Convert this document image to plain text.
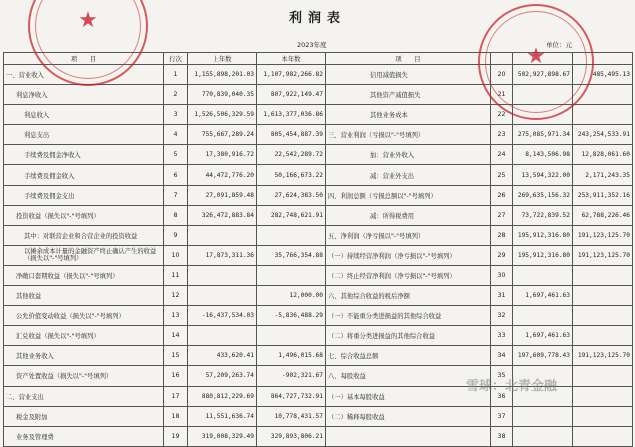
利润表
2023年度	单位：元
项　　目	行次	上年数	本年数	项　　目			
一、营业收入	1	1,155,898,201.03	1,107,982,266.82	信用减值损失	20	502,927,898.67	485,495.13
利息净收入	2	770,839,040.35	807,922,149.47	其他资产减值损失	21		
利息收入	3	1,526,506,329.59	1,613,377,036.86	其他业务成本	22		
利息支出	4	755,667,289.24	805,454,887.39	三、营业利润（亏损以"-"号填列）	23	275,085,971.34	243,254,533.91
手续费及佣金净收入	5	17,380,916.72	22,542,289.72	加：营业外收入	24	8,143,506.98	12,828,061.60
手续费及佣金收入	6	44,472,776.20	50,166,673.22	减：营业外支出	25	13,594,322.00	2,171,243.35
手续费及佣金支出	7	27,091,859.48	27,624,383.50	四、利润总额（亏损总额以"-"号填列）	26	269,635,156.32	253,911,352.16
投资收益（损失以"-"号填列）	8	326,472,883.84	282,748,621.91	减：所得税费用	27	73,722,839.52	62,788,226.46
其中：对联营企业和合营企业的投资收益	9			五、净利润（净亏损以"-"号填列）	28	195,912,316.80	191,123,125.70
以摊余成本计量的金融资产终止确认产生的收益（损失以"-"号填列）	10	17,873,311.36	35,766,354.88	（一）持续经营净利润（净亏损以"-"号填列）	29	195,912,316.80	191,123,125.70
净敞口套期收益（损失以"-"号填列）	11			（二）终止经营净利润（净亏损以"-"号填列）	30		
其他收益	12		12,000.00	六、其他综合收益的税后净额	31	1,697,461.63	
公允价值变动收益（损失以"-"号填列）	13	-16,437,534.03	-5,836,488.29	（一）不能重分类进损益的其他综合收益	32		
汇兑收益（损失以"-"号填列）	14			（二）将重分类进损益的其他综合收益	33	1,697,461.63	
其他业务收入	15	433,620.41	1,496,015.68	七、综合收益总额	34	197,609,778.43	191,123,125.70
资产处置收益（损失以"-"号填列）	16	57,209,263.74	-902,321.67	八、每股收益	35		
二、营业支出	17	880,812,229.69	864,727,732.91	（一）基本每股收益	36		
税金及附加	18	11,551,636.74	10,778,431.57	（二）稀释每股收益	37		
业务及管理费	19	319,008,329.49	329,893,806.21		38		
★
★
雪球：北青金融
